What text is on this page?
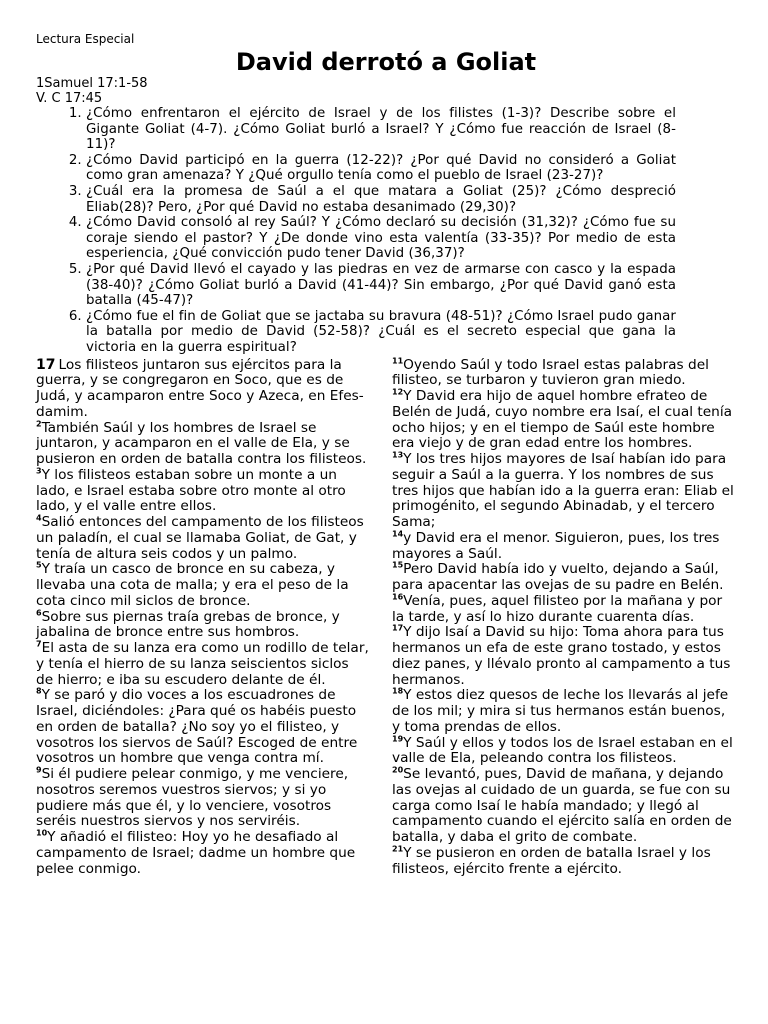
Lectura Especial

David derrotó a Goliat

1Samuel 17:1-58

V. C 17:45

1. ¿Cómo enfrentaron el ejército de Israel y de los filistes (1-3)? Describe sobre el Gigante Goliat (4-7). ¿Cómo Goliat burló a Israel? Y ¿Cómo fue reacción de Israel (8-11)?
2. ¿Cómo David participó en la guerra (12-22)? ¿Por qué David no consideró a Goliat como gran amenaza? Y ¿Qué orgullo tenía como el pueblo de Israel (23-27)?
3. ¿Cuál era la promesa de Saúl a el que matara a Goliat (25)? ¿Cómo despreció Eliab(28)? Pero, ¿Por qué David no estaba desanimado (29,30)?
4. ¿Cómo David consoló al rey Saúl? Y ¿Cómo declaró su decisión (31,32)? ¿Cómo fue su coraje siendo el pastor? Y ¿De donde vino esta valentía (33-35)? Por medio de esta esperiencia, ¿Qué convicción pudo tener David (36,37)?
5. ¿Por qué David llevó el cayado y las piedras en vez de armarse con casco y la espada (38-40)? ¿Cómo Goliat burló a David (41-44)? Sin embargo, ¿Por qué David ganó esta batalla (45-47)?
6. ¿Cómo fue el fin de Goliat que se jactaba su bravura (48-51)? ¿Cómo Israel pudo ganar la batalla por medio de David (52-58)? ¿Cuál es el secreto especial que gana la victoria en la guerra espiritual?

17 Los filisteos juntaron sus ejércitos para la guerra, y se congregaron en Soco, que es de Judá, y acamparon entre Soco y Azeca, en Efes-damim.

$^2$También Saúl y los hombres de Israel se juntaron, y acamparon en el valle de Ela, y se pusieron en orden de batalla contra los filisteos.

$^3$Y los filisteos estaban sobre un monte a un lado, e Israel estaba sobre otro monte al otro lado, y el valle entre ellos.

$^4$Salió entonces del campamento de los filisteos un paladín, el cual se llamaba Goliat, de Gat, y tenía de altura seis codos y un palmo.

$^5$Y traía un casco de bronce en su cabeza, y llevaba una cota de malla; y era el peso de la cota cinco mil siclos de bronce.

$^6$Sobre sus piernas traía grebas de bronce, y jabalina de bronce entre sus hombros.

$^7$El asta de su lanza era como un rodillo de telar, y tenía el hierro de su lanza seiscientos siclos de hierro; e iba su escudero delante de él.

$^8$Y se paró y dio voces a los escuadrones de Israel, diciéndoles: ¿Para qué os habéis puesto en orden de batalla? ¿No soy yo el filisteo, y vosotros los siervos de Saúl? Escoged de entre vosotros un hombre que venga contra mí.

$^9$Si él pudiere pelear conmigo, y me venciere, nosotros seremos vuestros siervos; y si yo pudiere más que él, y lo venciere, vosotros seréis nuestros siervos y nos serviréis.

$^{10}$Y añadió el filisteo: Hoy yo he desafiado al campamento de Israel; dadme un hombre que pelee conmigo.

$^{11}$Oyendo Saúl y todo Israel estas palabras del filisteo, se turbaron y tuvieron gran miedo.

$^{12}$Y David era hijo de aquel hombre efrateo de Belén de Judá, cuyo nombre era Isaí, el cual tenía ocho hijos; y en el tiempo de Saúl este hombre era viejo y de gran edad entre los hombres.

$^{13}$Y los tres hijos mayores de Isaí habían ido para seguir a Saúl a la guerra. Y los nombres de sus tres hijos que habían ido a la guerra eran: Eliab el primogénito, el segundo Abinadab, y el tercero Sama;

$^{14}$y David era el menor. Siguieron, pues, los tres mayores a Saúl.

$^{15}$Pero David había ido y vuelto, dejando a Saúl, para apacentar las ovejas de su padre en Belén.

$^{16}$Venía, pues, aquel filisteo por la mañana y por la tarde, y así lo hizo durante cuarenta días.

$^{17}$Y dijo Isaí a David su hijo: Toma ahora para tus hermanos un efa de este grano tostado, y estos diez panes, y llévalo pronto al campamento a tus hermanos.

$^{18}$Y estos diez quesos de leche los llevarás al jefe de los mil; y mira si tus hermanos están buenos, y toma prendas de ellos.

$^{19}$Y Saúl y ellos y todos los de Israel estaban en el valle de Ela, peleando contra los filisteos.

$^{20}$Se levantó, pues, David de mañana, y dejando las ovejas al cuidado de un guarda, se fue con su carga como Isaí le había mandado; y llegó al campamento cuando el ejército salía en orden de batalla, y daba el grito de combate.

$^{21}$Y se pusieron en orden de batalla Israel y los filisteos, ejército frente a ejército.
